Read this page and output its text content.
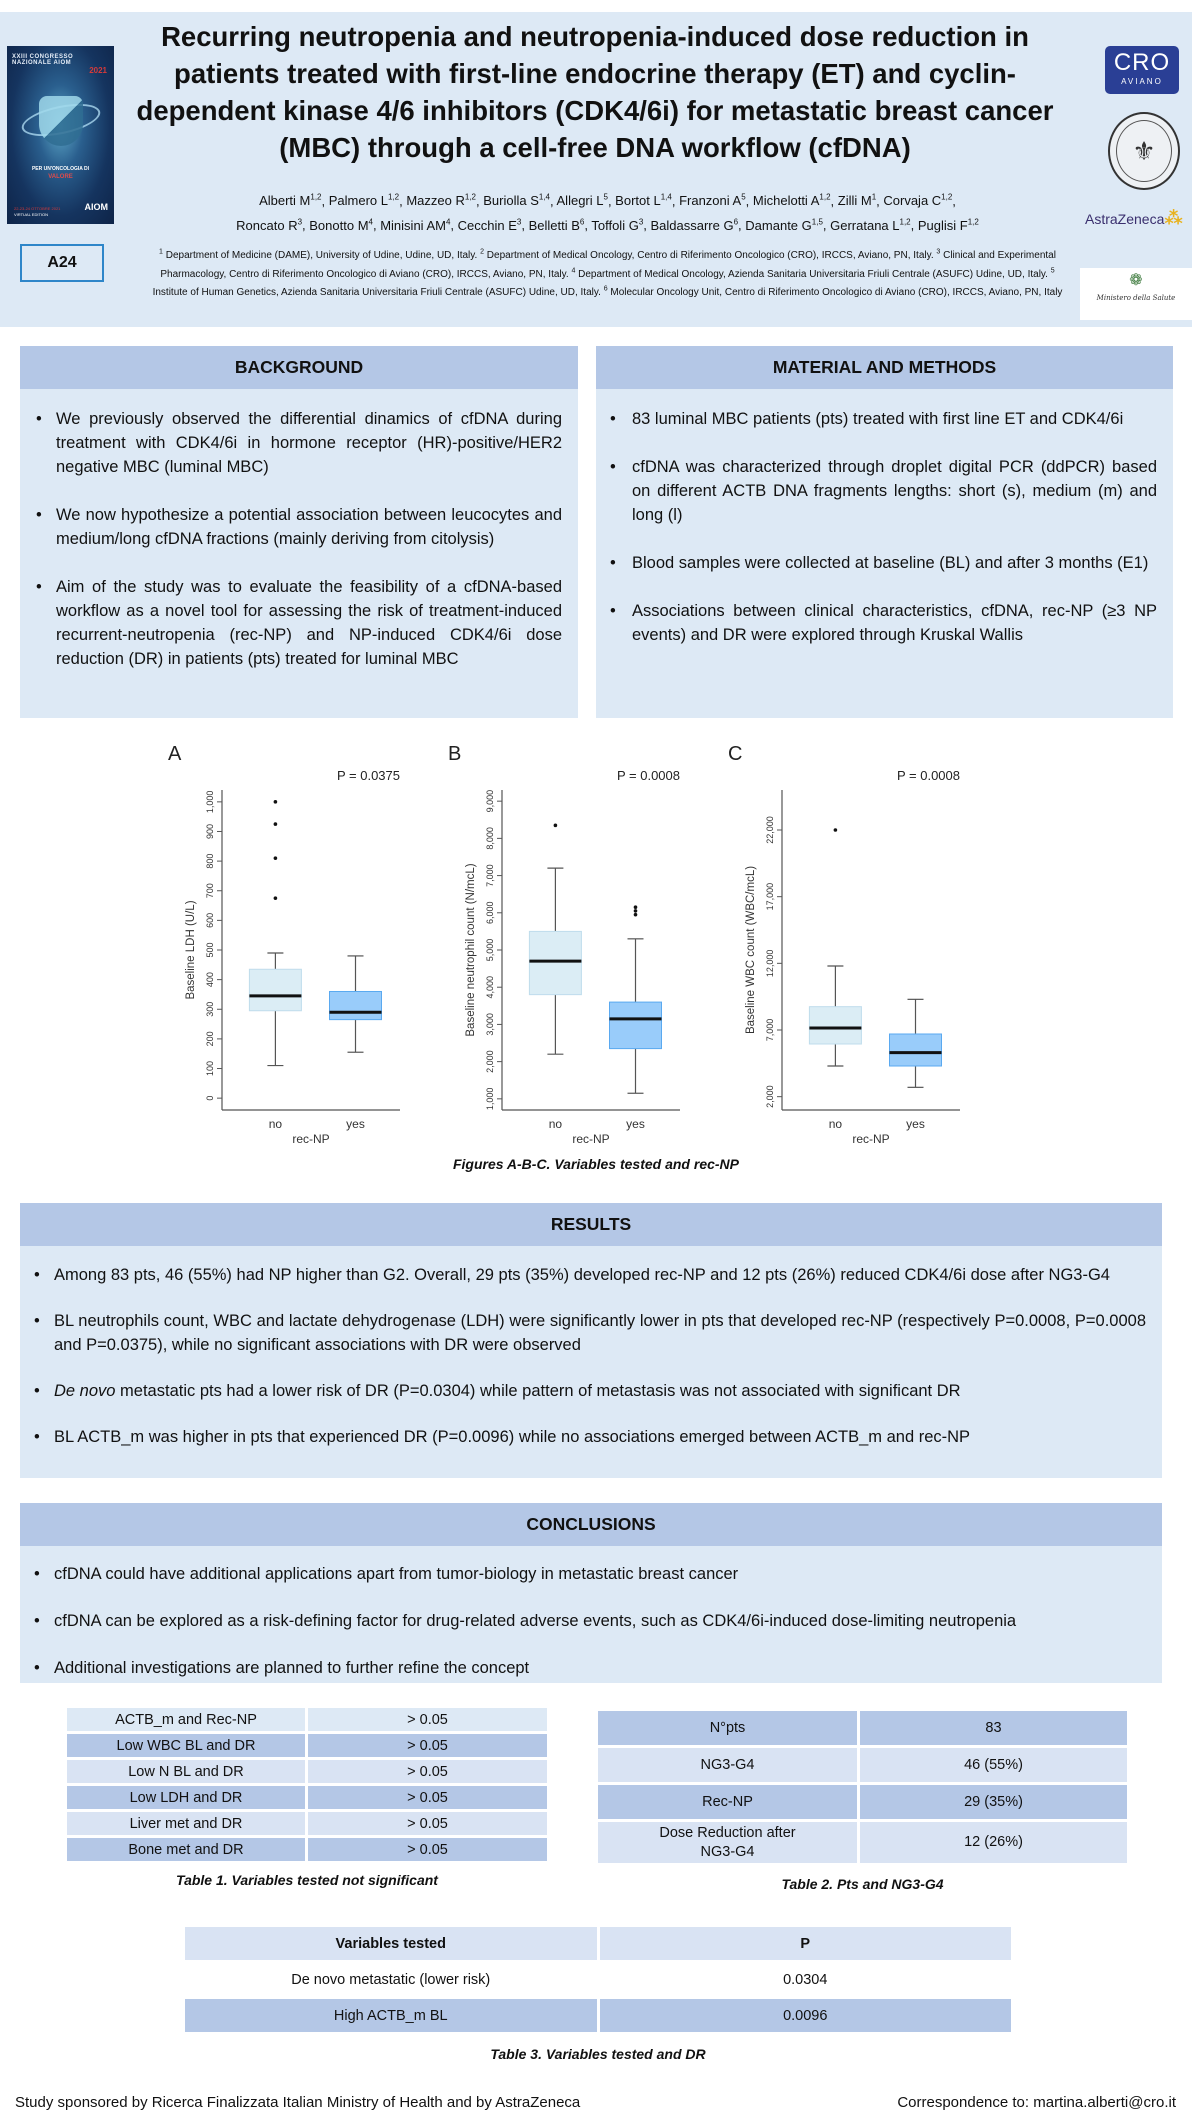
XXIII CONGRESSO NAZIONALE AIOM
2021
PER UN'ONCOLOGIA DI
VALORE
22-23-24 OTTOBRE 2021
VIRTUAL EDITION
AIOM
A24
Recurring neutropenia and neutropenia-induced dose reduction in patients treated with first-line endocrine therapy (ET) and cyclin-dependent kinase 4/6 inhibitors (CDK4/6i) for metastatic breast cancer (MBC) through a cell-free DNA workflow (cfDNA)
Alberti M$^{1,2}$, Palmero L$^{1,2}$, Mazzeo R$^{1,2}$, Buriolla S$^{1,4}$, Allegri $L^5$, Bortot L$^{1,4}$, Franzoni $A^5$, Michelotti A$^{1,2}$, Zilli $M^1$, Corvaja C$^{1,2}$,
Roncato $R^3$, Bonotto $M^4$, Minisini $AM^4$, Cecchin $E^3$, Belletti $B^6$, Toffoli $G^3$, Baldassarre $G^6$, Damante G$^{1,5}$, Gerratana L$^{1,2}$, Puglisi F$^{1,2}$
$^1$ Department of Medicine (DAME), University of Udine, Udine, UD, Italy. $^2$ Department of Medical Oncology, Centro di Riferimento Oncologico (CRO), IRCCS, Aviano, PN, Italy. $^3$ Clinical and Experimental Pharmacology, Centro di Riferimento Oncologico di Aviano (CRO), IRCCS, Aviano, PN, Italy. $^4$ Department of Medical Oncology, Azienda Sanitaria Universitaria Friuli Centrale (ASUFC) Udine, UD, Italy. $^5$ Institute of Human Genetics, Azienda Sanitaria Universitaria Friuli Centrale (ASUFC) Udine, UD, Italy. $^6$ Molecular Oncology Unit, Centro di Riferimento Oncologico di Aviano (CRO), IRCCS, Aviano, PN, Italy
CRO
AVIANO
⚜
AstraZeneca⁂
❁
Ministero della Salute
BACKGROUND
• We previously observed the differential dinamics of cfDNA during treatment with CDK4/6i in hormone receptor (HR)-positive/HER2 negative MBC (luminal MBC)
• We now hypothesize a potential association between leucocytes and medium/long cfDNA fractions (mainly deriving from citolysis)
• Aim of the study was to evaluate the feasibility of a cfDNA-based workflow as a novel tool for assessing the risk of treatment-induced recurrent-neutropenia (rec-NP) and NP-induced CDK4/6i dose reduction (DR) in patients (pts) treated for luminal MBC
MATERIAL AND METHODS
• 83 luminal MBC patients (pts) treated with first line ET and CDK4/6i
• cfDNA was characterized through droplet digital PCR (ddPCR) based on different ACTB DNA fragments lengths: short (s), medium (m) and long (l)
• Blood samples were collected at baseline (BL) and after 3 months (E1)
• Associations between clinical characteristics, cfDNA, rec-NP (≥3 NP events) and DR were explored through Kruskal Wallis
A
P = 0.0375
0
100
200
300
400
500
600
700
800
900
1,000
Baseline LDH (U/L)
no	yes
rec-NP
B
P = 0.0008
1,000
2,000
3,000
4,000
5,000
6,000
7,000
8,000
9,000
Baseline neutrophil count (N/mcL)
no	yes
rec-NP
C
P = 0.0008
2,000
7,000
12,000
17,000
22,000
Baseline WBC count (WBC/mcL)
no	yes
rec-NP
Figures A-B-C. Variables tested and rec-NP
RESULTS
• Among 83 pts, 46 (55%) had NP higher than G2. Overall, 29 pts (35%) developed rec-NP and 12 pts (26%) reduced CDK4/6i dose after NG3-G4
• BL neutrophils count, WBC and lactate dehydrogenase (LDH) were significantly lower in pts that developed rec-NP (respectively P=0.0008, P=0.0008 and P=0.0375), while no significant associations with DR were observed
• De novo metastatic pts had a lower risk of DR (P=0.0304) while pattern of metastasis was not associated with significant DR
• BL ACTB_m was higher in pts that experienced DR (P=0.0096) while no associations emerged between ACTB_m and rec-NP
CONCLUSIONS
• cfDNA could have additional applications apart from tumor-biology in metastatic breast cancer
• cfDNA can be explored as a risk-defining factor for drug-related adverse events, such as CDK4/6i-induced dose-limiting neutropenia
• Additional investigations are planned to further refine the concept
ACTB_m and Rec-NP	> 0.05
Low WBC BL and DR	> 0.05
Low N BL and DR	> 0.05
Low LDH and DR	> 0.05
Liver met and DR	> 0.05
Bone met and DR	> 0.05
Table 1. Variables tested not significant
N°pts	83
NG3-G4	46 (55%)
Rec-NP	29 (35%)
Dose Reduction after NG3-G4	12 (26%)
Table 2. Pts and NG3-G4
Variables tested	P
De novo metastatic (lower risk)	0.0304
High ACTB_m BL	0.0096
Table 3. Variables tested and DR
Study sponsored by Ricerca Finalizzata Italian Ministry of Health and by AstraZeneca	Correspondence to: martina.alberti@cro.it
